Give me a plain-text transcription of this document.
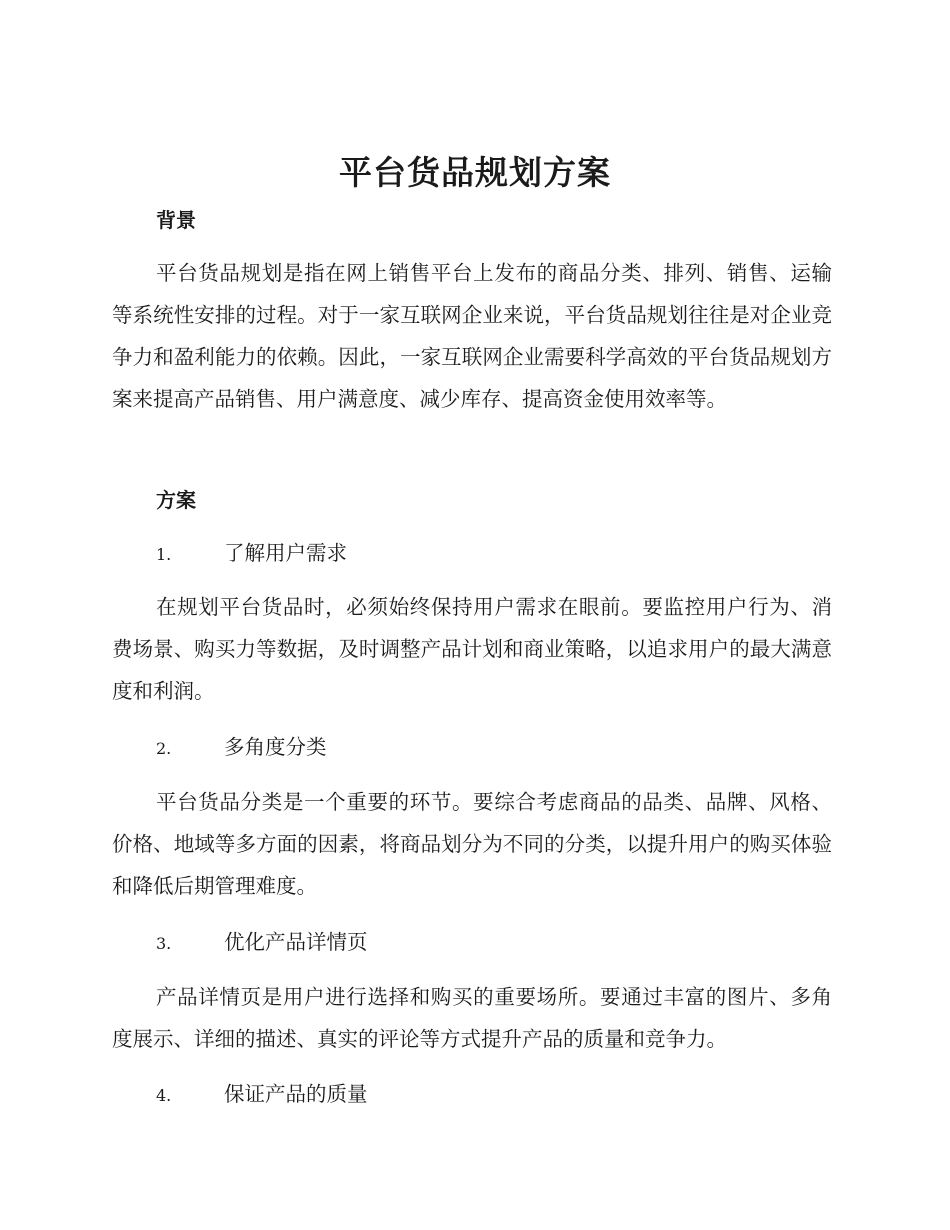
平台货品规划方案
背景

平台货品规划是指在网上销售平台上发布的商品分类、排列、销售、运输等系统性安排的过程。对于一家互联网企业来说，平台货品规划往往是对企业竞争力和盈利能力的依赖。因此，一家互联网企业需要科学高效的平台货品规划方案来提高产品销售、用户满意度、减少库存、提高资金使用效率等。

方案
1.	了解用户需求

在规划平台货品时，必须始终保持用户需求在眼前。要监控用户行为、消费场景、购买力等数据，及时调整产品计划和商业策略，以追求用户的最大满意度和利润。

2.	多角度分类

平台货品分类是一个重要的环节。要综合考虑商品的品类、品牌、风格、价格、地域等多方面的因素，将商品划分为不同的分类，以提升用户的购买体验和降低后期管理难度。

3.	优化产品详情页

产品详情页是用户进行选择和购买的重要场所。要通过丰富的图片、多角度展示、详细的描述、真实的评论等方式提升产品的质量和竞争力。

4.	保证产品的质量
